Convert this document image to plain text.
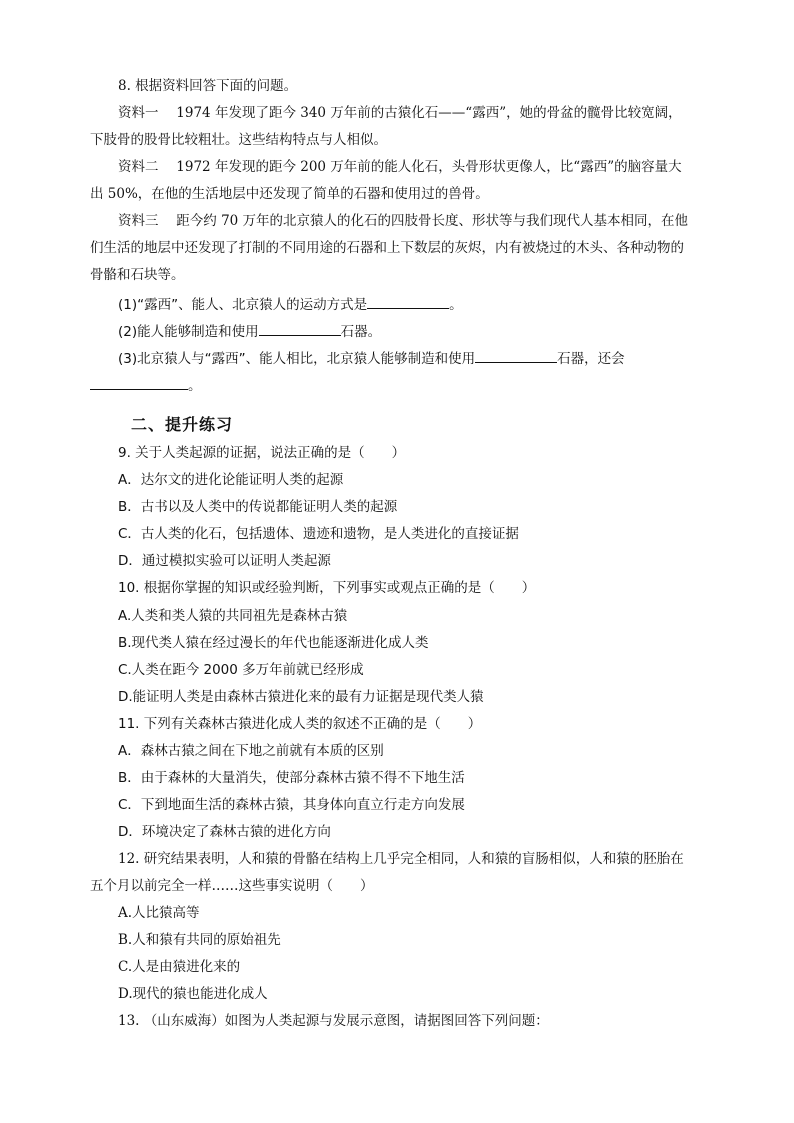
8. 根据资料回答下面的问题。
资料一　 1974 年发现了距今 340 万年前的古猿化石——“露西”，她的骨盆的髋骨比较宽阔，
下肢骨的股骨比较粗壮。这些结构特点与人相似。
资料二　 1972 年发现的距今 200 万年前的能人化石，头骨形状更像人，比“露西”的脑容量大
出 50%，在他的生活地层中还发现了简单的石器和使用过的兽骨。
资料三　 距今约 70 万年的北京猿人的化石的四肢骨长度、形状等与我们现代人基本相同，在他
们生活的地层中还发现了打制的不同用途的石器和上下数层的灰烬，内有被烧过的木头、各种动物的
骨骼和石块等。
(1)“露西”、能人、北京猿人的运动方式是	。
(2)能人能够制造和使用	石器。
(3)北京猿人与“露西”、能人相比，北京猿人能够制造和使用	石器，还会
。
二、提升练习
9. 关于人类起源的证据，说法正确的是（　　）
A．达尔文的进化论能证明人类的起源
B．古书以及人类中的传说都能证明人类的起源
C．古人类的化石，包括遗体、遗迹和遗物，是人类进化的直接证据
D．通过模拟实验可以证明人类起源
10. 根据你掌握的知识或经验判断，下列事实或观点正确的是（　　）
A.人类和类人猿的共同祖先是森林古猿
B.现代类人猿在经过漫长的年代也能逐渐进化成人类
C.人类在距今 2000 多万年前就已经形成
D.能证明人类是由森林古猿进化来的最有力证据是现代类人猿
11. 下列有关森林古猿进化成人类的叙述不正确的是（　　）
A．森林古猿之间在下地之前就有本质的区别
B．由于森林的大量消失，使部分森林古猿不得不下地生活
C．下到地面生活的森林古猿，其身体向直立行走方向发展
D．环境决定了森林古猿的进化方向
12. 研究结果表明，人和猿的骨骼在结构上几乎完全相同，人和猿的盲肠相似，人和猿的胚胎在
五个月以前完全一样……这些事实说明（　　）
A.人比猿高等
B.人和猿有共同的原始祖先
C.人是由猿进化来的
D.现代的猿也能进化成人
13. （山东威海）如图为人类起源与发展示意图，请据图回答下列问题：
